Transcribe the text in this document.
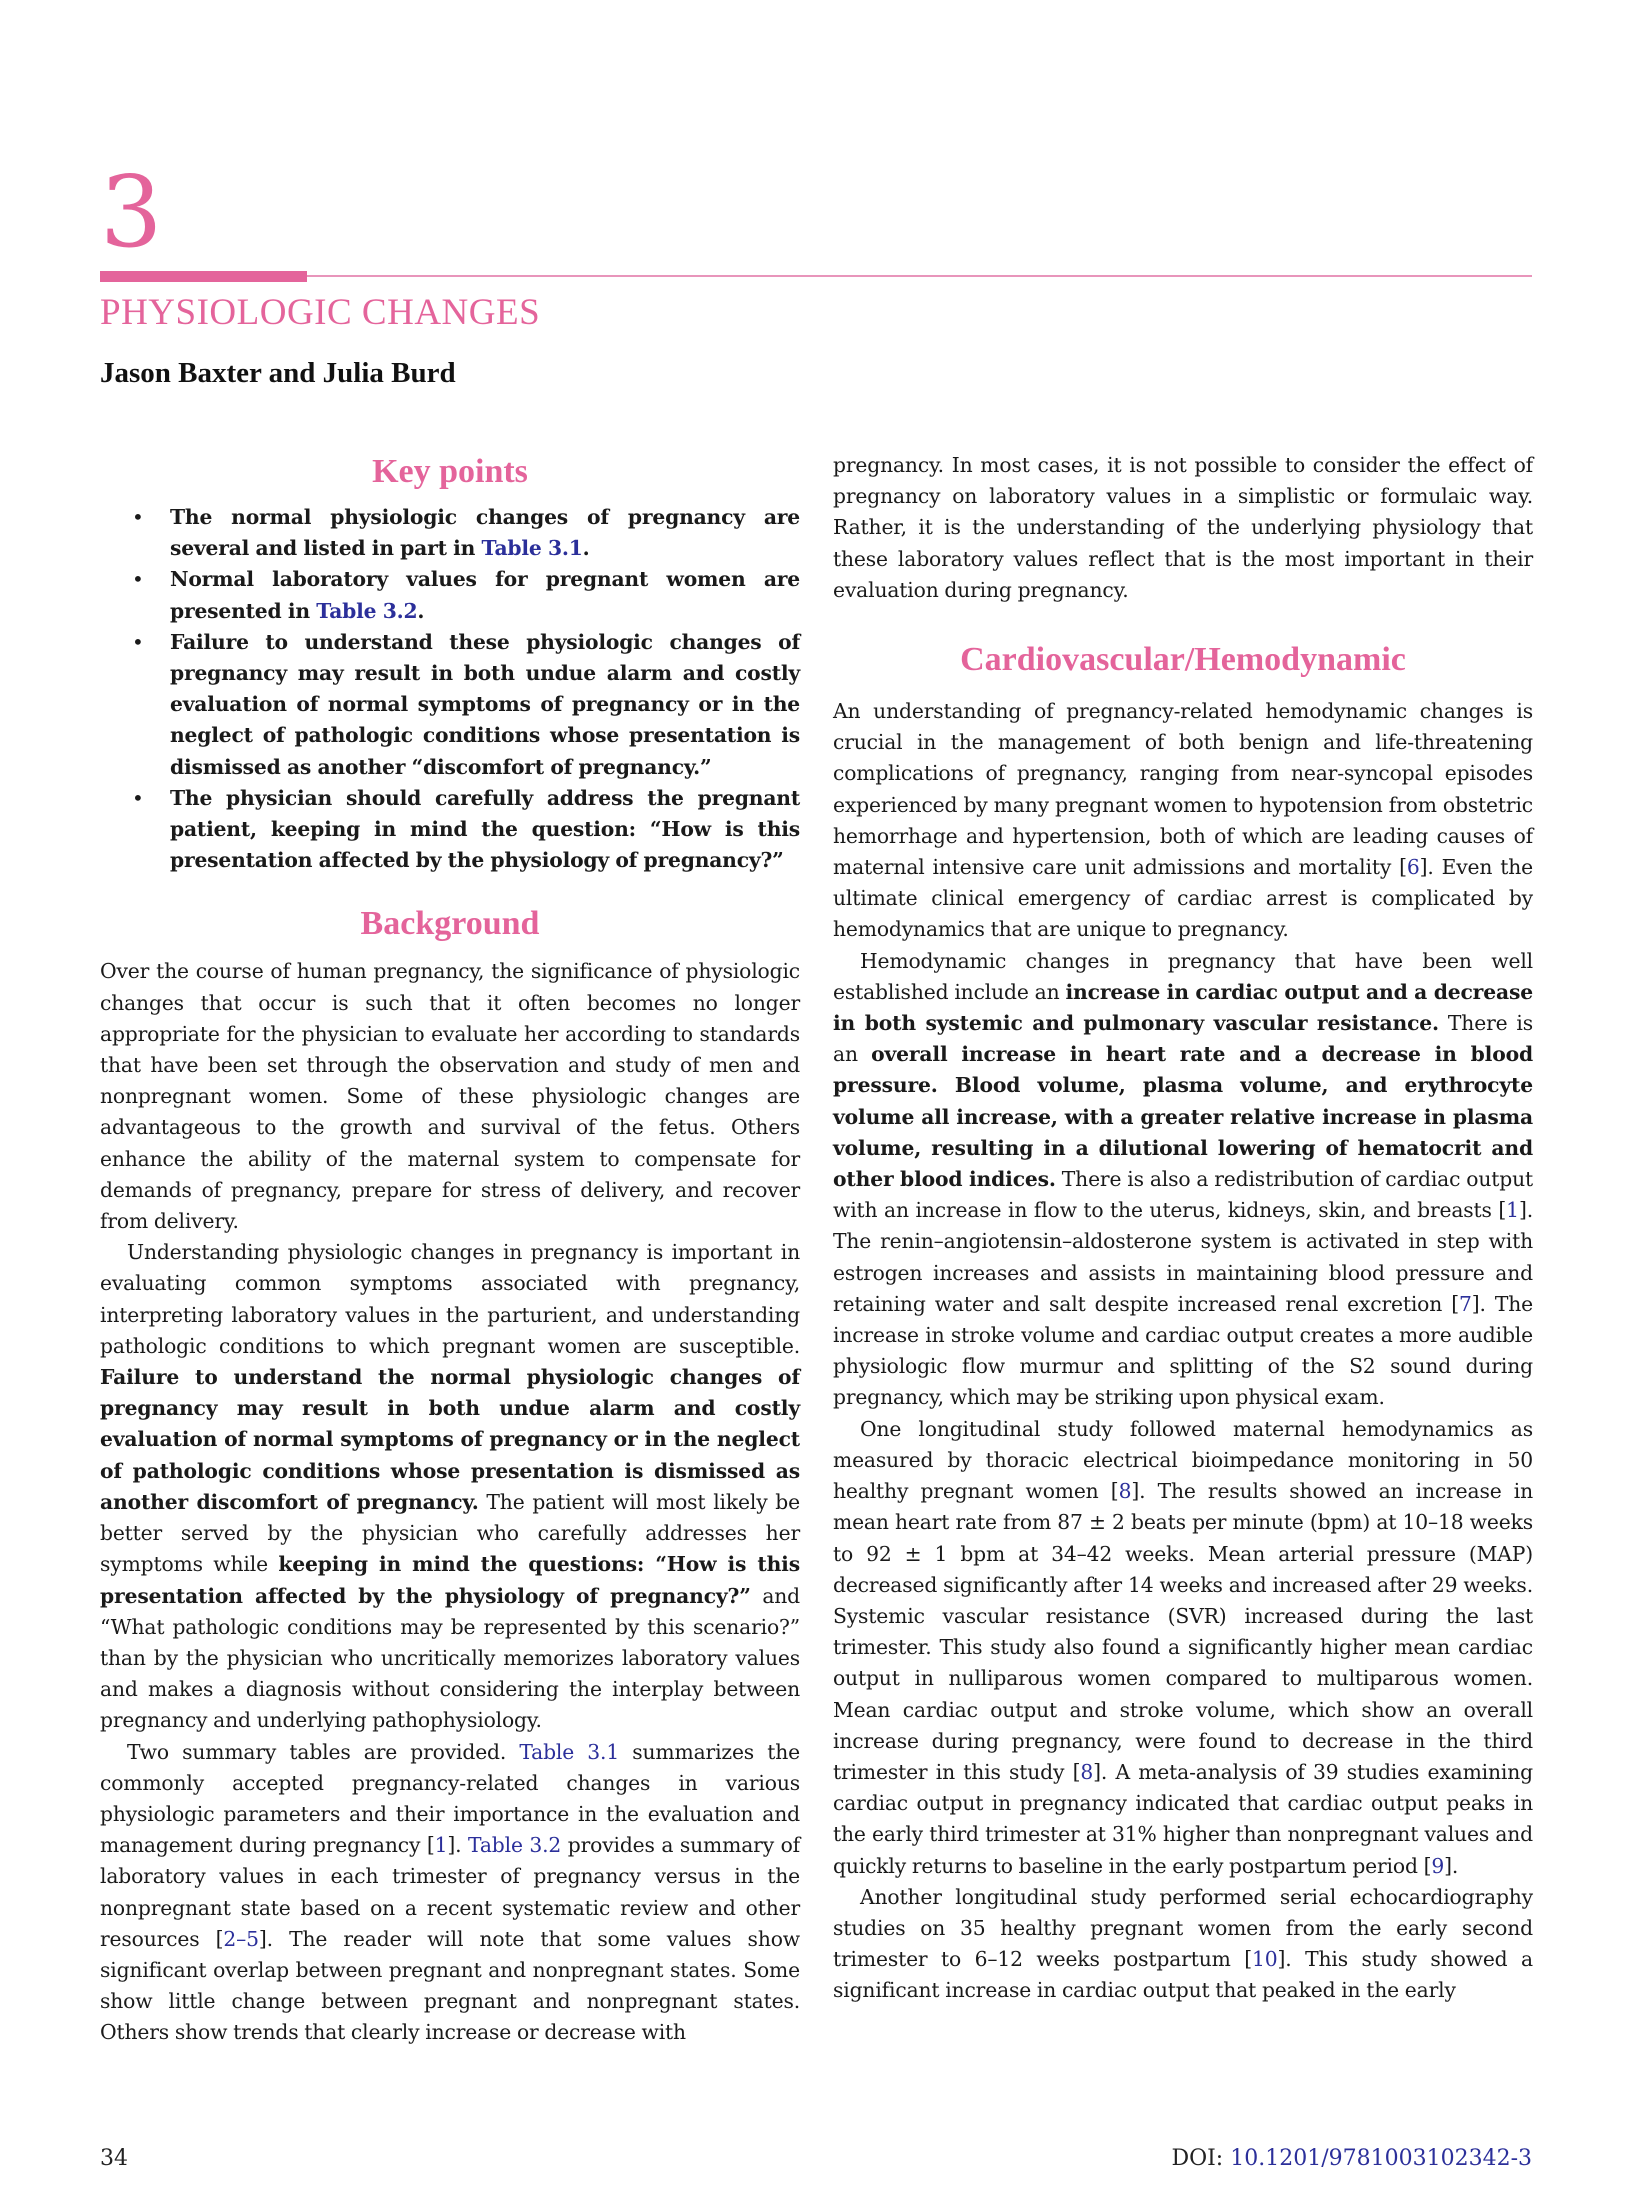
3
PHYSIOLOGIC CHANGES

Jason Baxter and Julia Burd

Key points
• The normal physiologic changes of pregnancy are several and listed in part in Table 3.1.
• Normal laboratory values for pregnant women are presented in Table 3.2.
• Failure to understand these physiologic changes of pregnancy may result in both undue alarm and costly evaluation of normal symptoms of pregnancy or in the neglect of pathologic conditions whose presentation is dismissed as another “discomfort of pregnancy.”
• The physician should carefully address the pregnant patient, keeping in mind the question: “How is this presentation affected by the physiology of pregnancy?”
Background

Over the course of human pregnancy, the significance of physiologic changes that occur is such that it often becomes no longer appropriate for the physician to evaluate her according to standards that have been set through the observation and study of men and nonpregnant women. Some of these physiologic changes are advantageous to the growth and survival of the fetus. Others enhance the ability of the maternal system to compensate for demands of pregnancy, prepare for stress of delivery, and recover from delivery.

Understanding physiologic changes in pregnancy is important in evaluating common symptoms associated with pregnancy, interpreting laboratory values in the parturient, and understanding pathologic conditions to which pregnant women are susceptible. Failure to understand the normal physiologic changes of pregnancy may result in both undue alarm and costly evaluation of normal symptoms of pregnancy or in the neglect of pathologic conditions whose presentation is dismissed as another discomfort of pregnancy. The patient will most likely be better served by the physician who carefully addresses her symptoms while keeping in mind the questions: “How is this presentation affected by the physiology of pregnancy?” and “What pathologic conditions may be represented by this scenario?” than by the physician who uncritically memorizes laboratory values and makes a diagnosis without considering the interplay between pregnancy and underlying pathophysiology.

Two summary tables are provided. Table 3.1 summarizes the commonly accepted pregnancy-related changes in various physiologic parameters and their importance in the evaluation and management during pregnancy [1]. Table 3.2 provides a summary of laboratory values in each trimester of pregnancy versus in the nonpregnant state based on a recent systematic review and other resources [2–5]. The reader will note that some values show significant overlap between pregnant and nonpregnant states. Some show little change between pregnant and nonpregnant states. Others show trends that clearly increase or decrease with

pregnancy. In most cases, it is not possible to consider the effect of pregnancy on laboratory values in a simplistic or formulaic way. Rather, it is the understanding of the underlying physiology that these laboratory values reflect that is the most important in their evaluation during pregnancy.

Cardiovascular/Hemodynamic

An understanding of pregnancy-related hemodynamic changes is crucial in the management of both benign and life-threatening complications of pregnancy, ranging from near-syncopal episodes experienced by many pregnant women to hypotension from obstetric hemorrhage and hypertension, both of which are leading causes of maternal intensive care unit admissions and mortality [6]. Even the ultimate clinical emergency of cardiac arrest is complicated by hemodynamics that are unique to pregnancy.

Hemodynamic changes in pregnancy that have been well established include an increase in cardiac output and a decrease in both systemic and pulmonary vascular resistance. There is an overall increase in heart rate and a decrease in blood pressure. Blood volume, plasma volume, and erythrocyte volume all increase, with a greater relative increase in plasma volume, resulting in a dilutional lowering of hematocrit and other blood indices. There is also a redistribution of cardiac output with an increase in flow to the uterus, kidneys, skin, and breasts [1]. The renin–angiotensin–aldosterone system is activated in step with estrogen increases and assists in maintaining blood pressure and retaining water and salt despite increased renal excretion [7]. The increase in stroke volume and cardiac output creates a more audible physiologic flow murmur and splitting of the S2 sound during pregnancy, which may be striking upon physical exam.

One longitudinal study followed maternal hemodynamics as measured by thoracic electrical bioimpedance monitoring in 50 healthy pregnant women [8]. The results showed an increase in mean heart rate from 87 ± 2 beats per minute (bpm) at 10–18 weeks to 92 ± 1 bpm at 34–42 weeks. Mean arterial pressure (MAP) decreased significantly after 14 weeks and increased after 29 weeks. Systemic vascular resistance (SVR) increased during the last trimester. This study also found a significantly higher mean cardiac output in nulliparous women compared to multiparous women. Mean cardiac output and stroke volume, which show an overall increase during pregnancy, were found to decrease in the third trimester in this study [8]. A meta-analysis of 39 studies examining cardiac output in pregnancy indicated that cardiac output peaks in the early third trimester at 31% higher than nonpregnant values and quickly returns to baseline in the early postpartum period [9].

Another longitudinal study performed serial echocardiography studies on 35 healthy pregnant women from the early second trimester to 6–12 weeks postpartum [10]. This study showed a significant increase in cardiac output that peaked in the early

34	DOI: 10.1201/9781003102342-3
